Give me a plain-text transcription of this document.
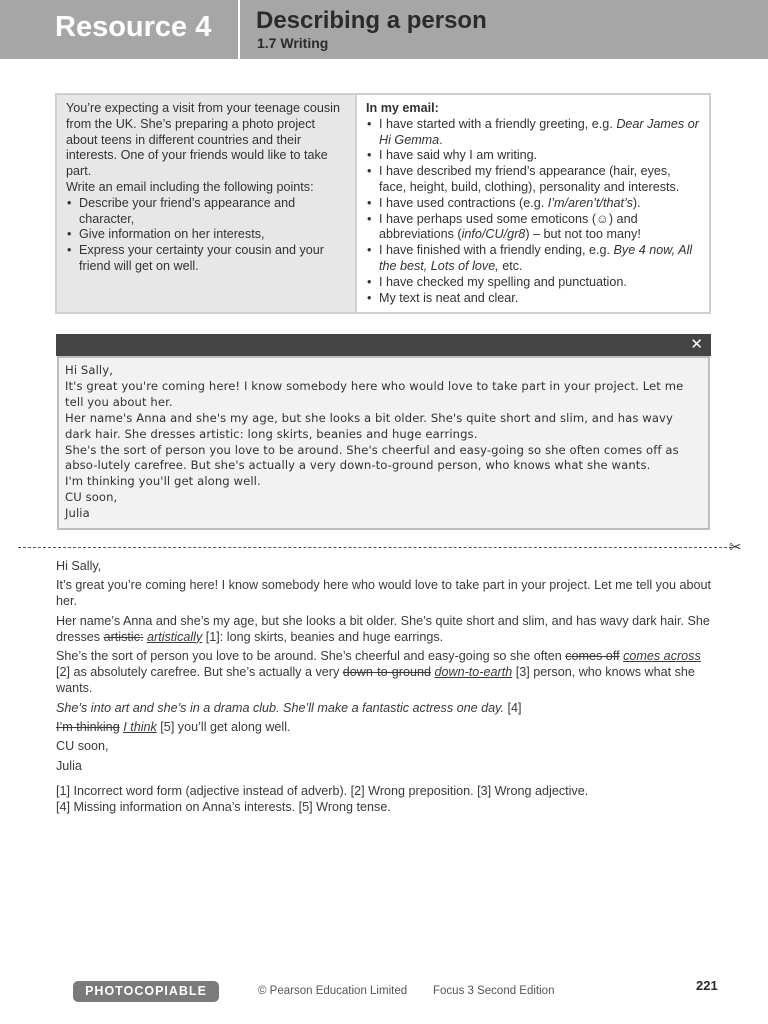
Resource 4 Describing a person
1.7 Writing

You’re expecting a visit from your teenage cousin from the UK. She’s preparing a photo project about teens in different countries and their interests. One of your friends would like to take part.

Write an email including the following points:

• Describe your friend’s appearance and character,
• Give information on her interests,
• Express your certainty your cousin and your friend will get on well.

In my email:

• I have started with a friendly greeting, e.g. Dear James or Hi Gemma.
• I have said why I am writing.
• I have described my friend’s appearance (hair, eyes, face, height, build, clothing), personality and interests.
• I have used contractions (e.g. I’m/aren’t/that’s).
• I have perhaps used some emoticons (☺) and abbreviations (info/CU/gr8) – but not too many!
• I have finished with a friendly ending, e.g. Bye 4 now, All the best, Lots of love, etc.
• I have checked my spelling and punctuation.
• My text is neat and clear.
✕

Hi Sally,

It's great you're coming here! I know somebody here who would love to take part in your project. Let me tell you about her.

Her name's Anna and she's my age, but she looks a bit older. She's quite short and slim, and has wavy dark hair. She dresses artistic: long skirts, beanies and huge earrings.

She's the sort of person you love to be around. She's cheerful and easy-going so she often comes off as abso-lutely carefree. But she's actually a very down-to-ground person, who knows what she wants.

I'm thinking you'll get along well.

CU soon,

Julia

✂

Hi Sally,

It’s great you’re coming here! I know somebody here who would love to take part in your project. Let me tell you about her.

Her name’s Anna and she’s my age, but she looks a bit older. She’s quite short and slim, and has wavy dark hair. She dresses artistic: artistically [1]: long skirts, beanies and huge earrings.

She’s the sort of person you love to be around. She’s cheerful and easy-going so she often comes off comes across [2] as absolutely carefree. But she’s actually a very down-to-ground down-to-earth [3] person, who knows what she wants.

She’s into art and she’s in a drama club. She’ll make a fantastic actress one day. [4]

I’m thinking I think [5] you’ll get along well.

CU soon,

Julia

[1] Incorrect word form (adjective instead of adverb). [2] Wrong preposition. [3] Wrong adjective.

[4] Missing information on Anna’s interests. [5] Wrong tense.

PHOTOCOPIABLE	© Pearson Education Limited Focus 3 Second Edition	221
